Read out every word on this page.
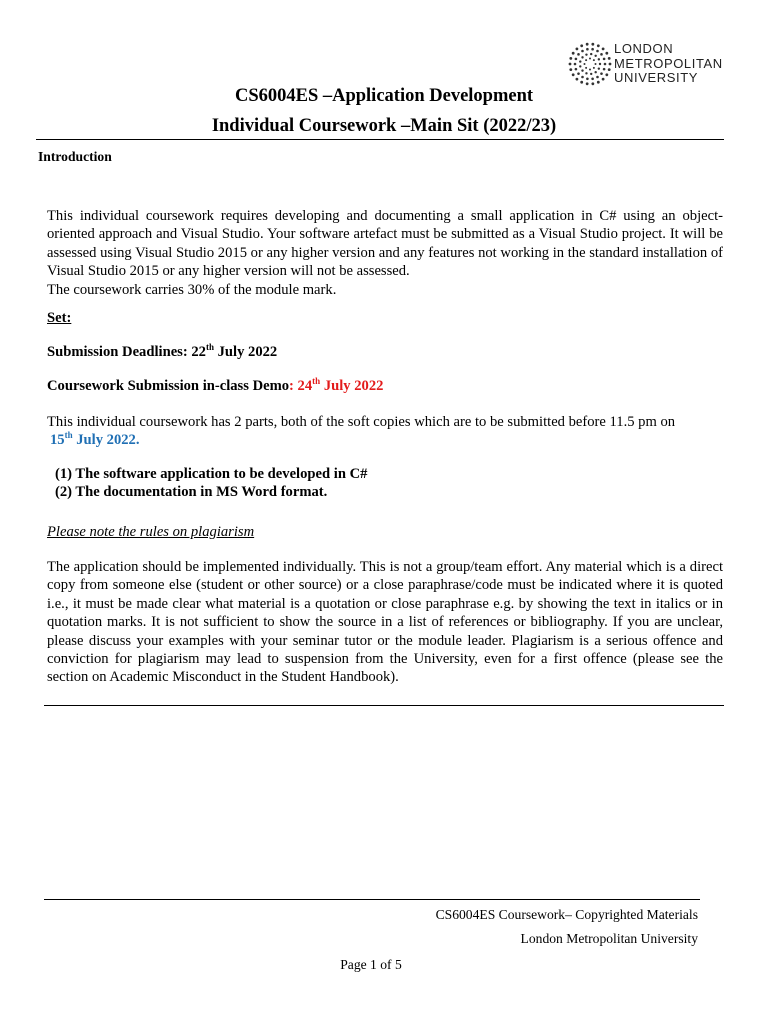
LONDON
METROPOLITAN
UNIVERSITY
CS6004ES –Application Development
Individual Coursework –Main Sit (2022/23)
Introduction
This individual coursework requires developing and documenting a small application in C# using an object-oriented approach and Visual Studio. Your software artefact must be submitted as a Visual Studio project. It will be assessed using Visual Studio 2015 or any higher version and any features not working in the standard installation of Visual Studio 2015 or any higher version will not be assessed.
The coursework carries 30% of the module mark.
Set:
Submission Deadlines: 22th July 2022
Coursework Submission in-class Demo: 24th July 2022
This individual coursework has 2 parts, both of the soft copies which are to be submitted before 11.5 pm on
15th July 2022.
(1) The software application to be developed in C#
(2) The documentation in MS Word format.
Please note the rules on plagiarism
The application should be implemented individually. This is not a group/team effort. Any material which is a direct copy from someone else (student or other source) or a close paraphrase/code must be indicated where it is quoted i.e., it must be made clear what material is a quotation or close paraphrase e.g. by showing the text in italics or in quotation marks. It is not sufficient to show the source in a list of references or bibliography. If you are unclear, please discuss your examples with your seminar tutor or the module leader. Plagiarism is a serious offence and conviction for plagiarism may lead to suspension from the University, even for a first offence (please see the section on Academic Misconduct in the Student Handbook).
CS6004ES Coursework– Copyrighted Materials
London Metropolitan University
Page 1 of 5
